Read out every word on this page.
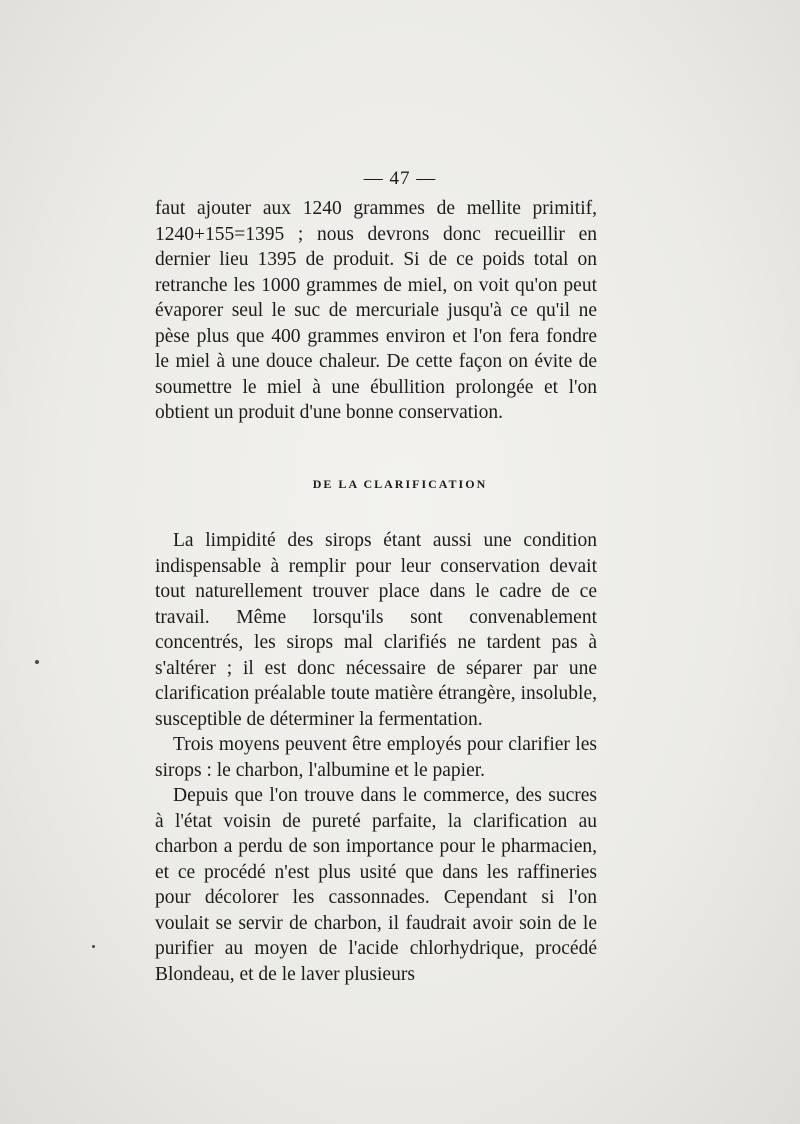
— 47 —

faut ajouter aux 1240 grammes de mellite primitif, 1240+155=1395 ; nous devrons donc recueillir en dernier lieu 1395 de produit. Si de ce poids total on retranche les 1000 grammes de miel, on voit qu'on peut évaporer seul le suc de mercuriale jusqu'à ce qu'il ne pèse plus que 400 grammes environ et l'on fera fondre le miel à une douce chaleur. De cette façon on évite de soumettre le miel à une ébullition prolongée et l'on obtient un produit d'une bonne conservation.

DE LA CLARIFICATION

La limpidité des sirops étant aussi une condition indispensable à remplir pour leur conservation devait tout naturellement trouver place dans le cadre de ce travail. Même lorsqu'ils sont convenablement concentrés, les sirops mal clarifiés ne tardent pas à s'altérer ; il est donc nécessaire de séparer par une clarification préalable toute matière étrangère, insoluble, susceptible de déterminer la fermentation.

Trois moyens peuvent être employés pour clarifier les sirops : le charbon, l'albumine et le papier.

Depuis que l'on trouve dans le commerce, des sucres à l'état voisin de pureté parfaite, la clarification au charbon a perdu de son importance pour le pharmacien, et ce procédé n'est plus usité que dans les raffineries pour décolorer les cassonnades. Cependant si l'on voulait se servir de charbon, il faudrait avoir soin de le purifier au moyen de l'acide chlorhydrique, procédé Blondeau, et de le laver plusieurs
